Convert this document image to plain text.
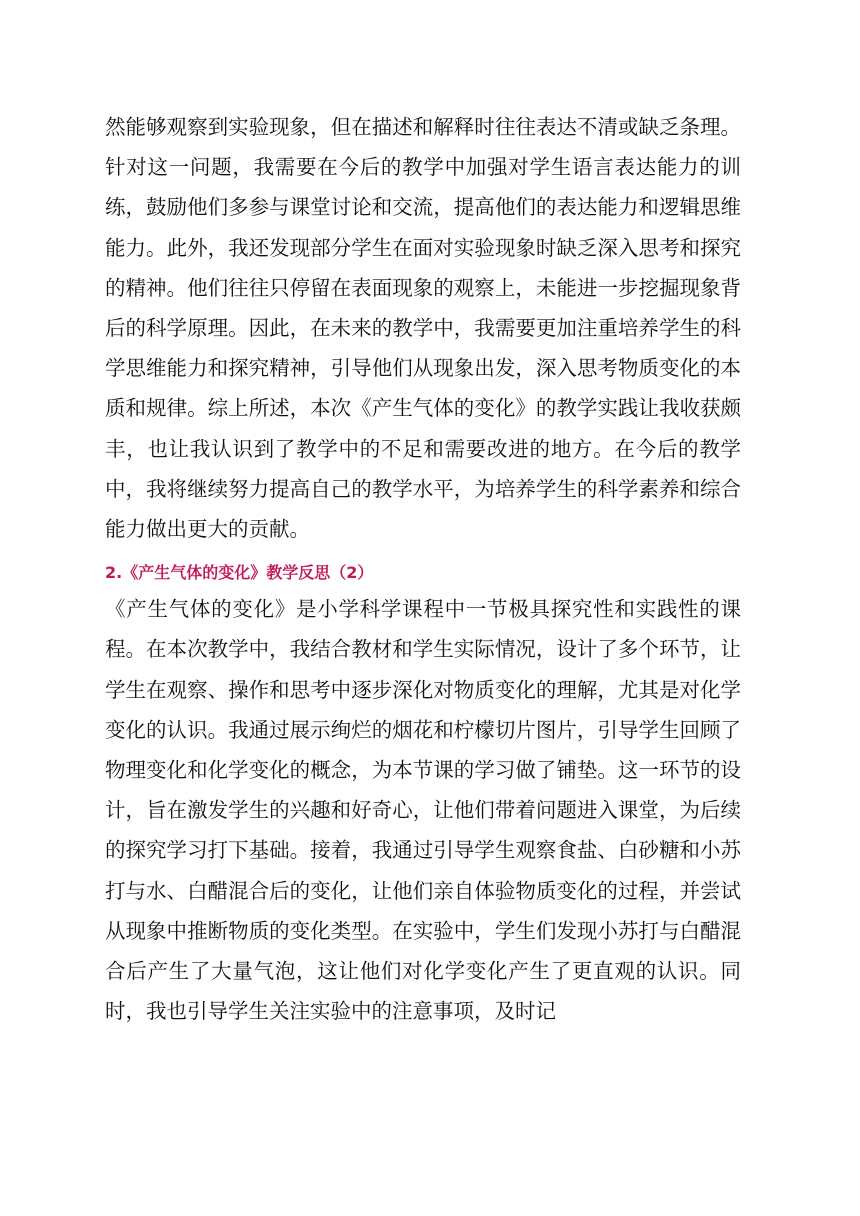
然能够观察到实验现象，但在描述和解释时往往表达不清或缺乏条理。针对这一问题，我需要在今后的教学中加强对学生语言表达能力的训练，鼓励他们多参与课堂讨论和交流，提高他们的表达能力和逻辑思维能力。此外，我还发现部分学生在面对实验现象时缺乏深入思考和探究的精神。他们往往只停留在表面现象的观察上，未能进一步挖掘现象背后的科学原理。因此，在未来的教学中，我需要更加注重培养学生的科学思维能力和探究精神，引导他们从现象出发，深入思考物质变化的本质和规律。综上所述，本次《产生气体的变化》的教学实践让我收获颇丰，也让我认识到了教学中的不足和需要改进的地方。在今后的教学中，我将继续努力提高自己的教学水平，为培养学生的科学素养和综合能力做出更大的贡献。

2.《产生气体的变化》教学反思（2）

《产生气体的变化》是小学科学课程中一节极具探究性和实践性的课程。在本次教学中，我结合教材和学生实际情况，设计了多个环节，让学生在观察、操作和思考中逐步深化对物质变化的理解，尤其是对化学变化的认识。我通过展示绚烂的烟花和柠檬切片图片，引导学生回顾了物理变化和化学变化的概念，为本节课的学习做了铺垫。这一环节的设计，旨在激发学生的兴趣和好奇心，让他们带着问题进入课堂，为后续的探究学习打下基础。接着，我通过引导学生观察食盐、白砂糖和小苏打与水、白醋混合后的变化，让他们亲自体验物质变化的过程，并尝试从现象中推断物质的变化类型。在实验中，学生们发现小苏打与白醋混合后产生了大量气泡，这让他们对化学变化产生了更直观的认识。同时，我也引导学生关注实验中的注意事项，及时记
